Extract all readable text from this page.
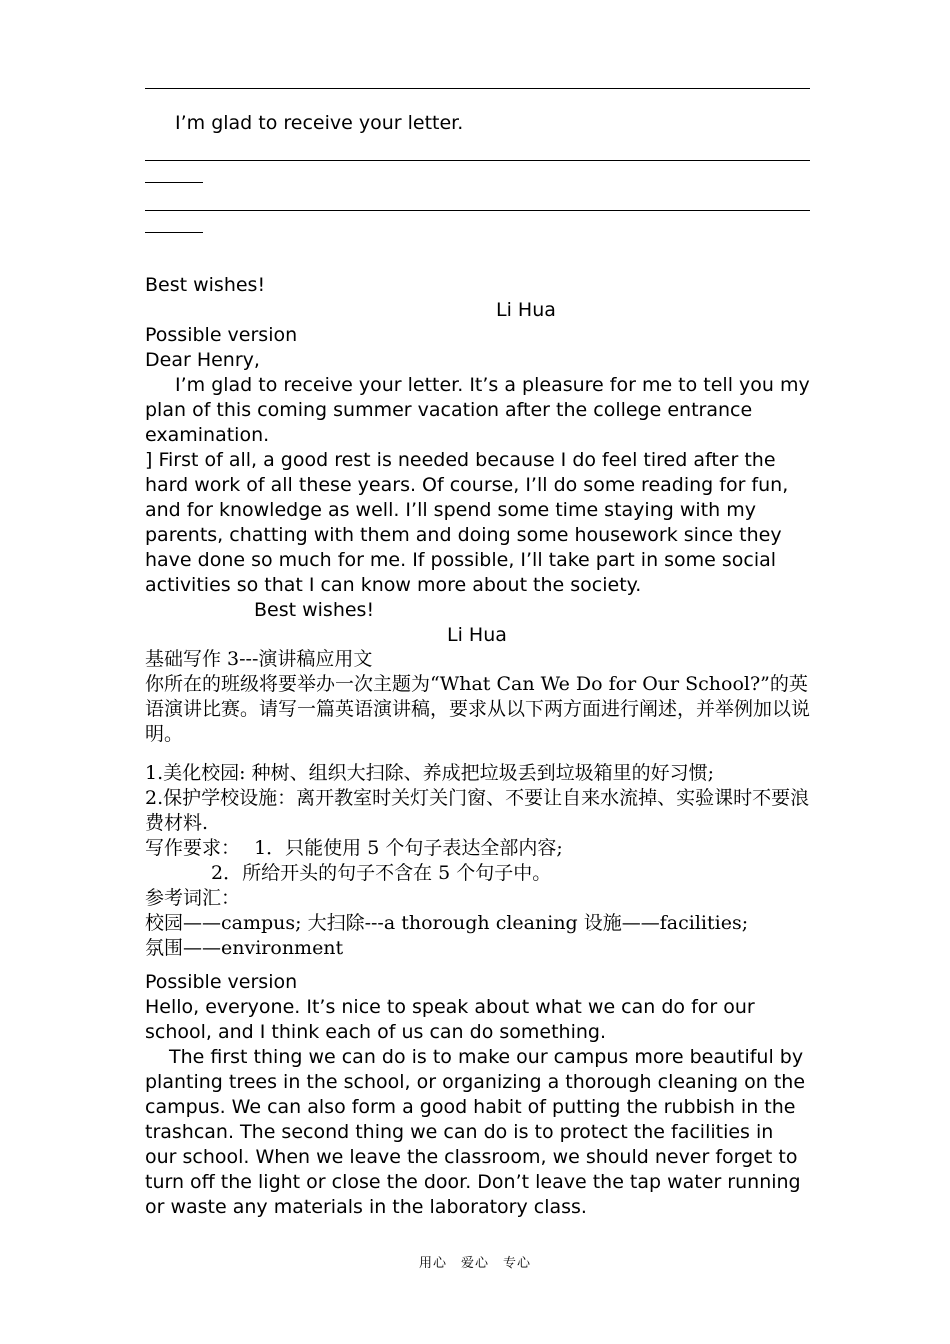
I’m glad to receive your letter.

Best wishes!

Li Hua

Possible version

Dear Henry,

I’m glad to receive your letter. It’s a pleasure for me to tell you my plan of this coming summer vacation after the college entrance examination.

] First of all, a good rest is needed because I do feel tired after the hard work of all these years. Of course, I’ll do some reading for fun, and for knowledge as well. I’ll spend some time staying with my parents, chatting with them and doing some housework since they have done so much for me. If possible, I’ll take part in some social activities so that I can know more about the society.

Best wishes!

Li Hua

基础写作 3---演讲稿应用文

你所在的班级将要举办一次主题为“What Can We Do for Our School?”的英语演讲比赛。请写一篇英语演讲稿，要求从以下两方面进行阐述，并举例加以说明。

1.美化校园: 种树、组织大扫除、养成把垃圾丢到垃圾箱里的好习惯;

2.保护学校设施：离开教室时关灯关门窗、不要让自来水流掉、实验课时不要浪费材料.

写作要求： 1．只能使用 5 个句子表达全部内容;

2．所给开头的句子不含在 5 个句子中。

参考词汇：

校园——campus; 大扫除---a thorough cleaning 设施——facilities;

氛围——environment

Possible version

Hello, everyone. It’s nice to speak about what we can do for our school, and I think each of us can do something.

The first thing we can do is to make our campus more beautiful by planting trees in the school, or organizing a thorough cleaning on the campus. We can also form a good habit of putting the rubbish in the trashcan. The second thing we can do is to protect the facilities in our school. When we leave the classroom, we should never forget to turn off the light or close the door. Don’t leave the tap water running or waste any materials in the laboratory class.

用心　爱心　专心
